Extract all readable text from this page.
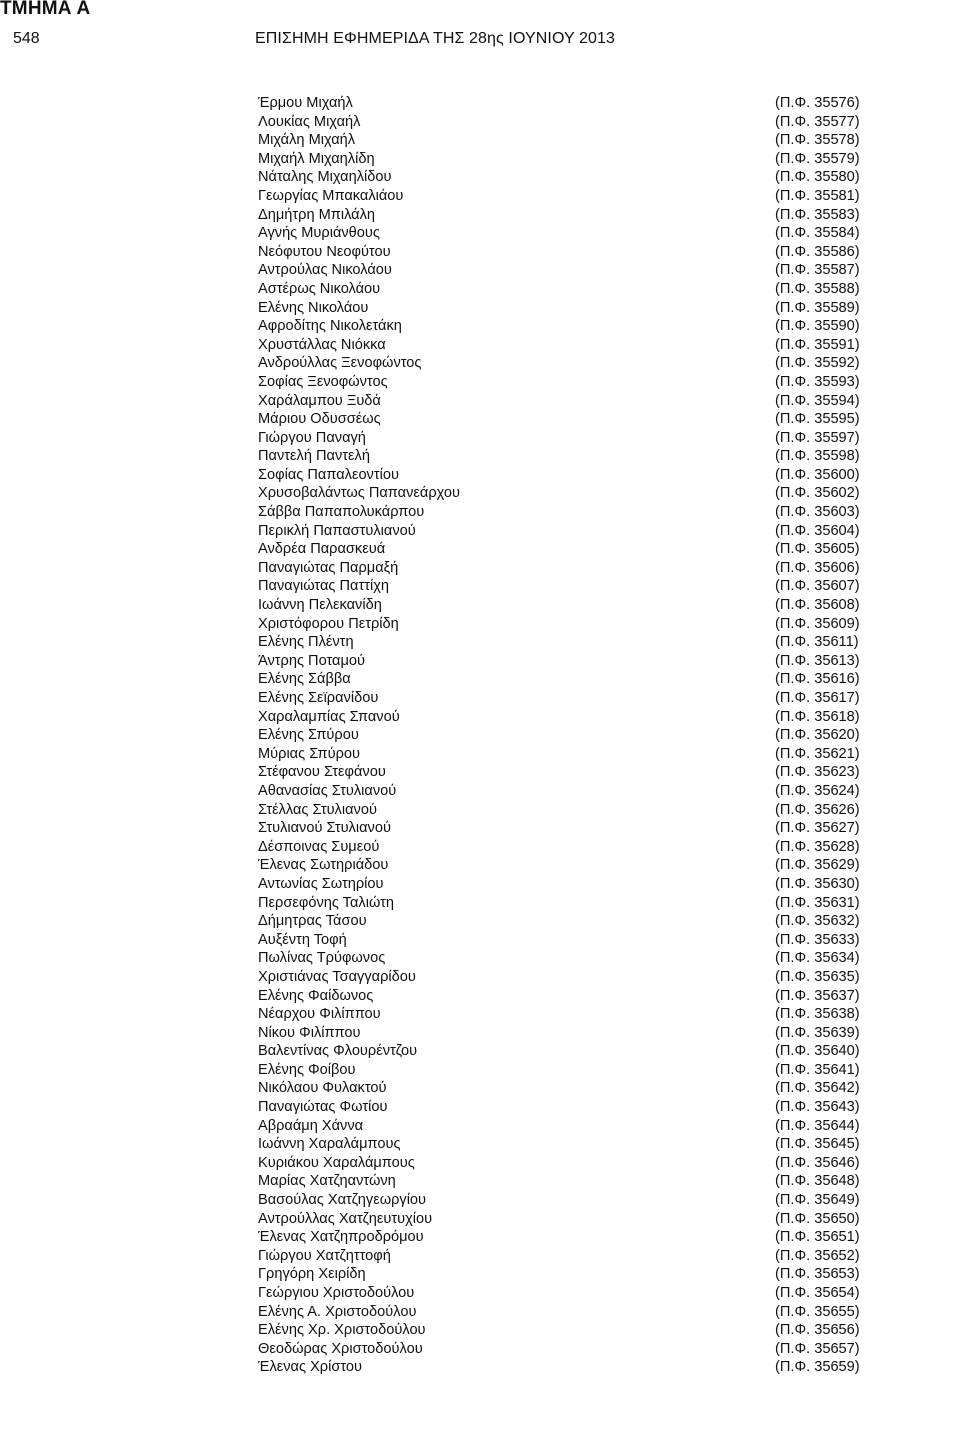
ΤΜΗΜΑ Α
548	ΕΠΙΣΗΜΗ ΕΦΗΜΕΡΙΔΑ ΤΗΣ 28ης ΙΟΥΝΙΟΥ 2013
Έρμου Μιχαήλ	(Π.Φ. 35576)
Λουκίας Μιχαήλ	(Π.Φ. 35577)
Μιχάλη Μιχαήλ	(Π.Φ. 35578)
Μιχαήλ Μιχαηλίδη	(Π.Φ. 35579)
Νάταλης Μιχαηλίδου	(Π.Φ. 35580)
Γεωργίας Μπακαλιάου	(Π.Φ. 35581)
Δημήτρη Μπιλάλη	(Π.Φ. 35583)
Αγνής Μυριάνθους	(Π.Φ. 35584)
Νεόφυτου Νεοφύτου	(Π.Φ. 35586)
Αντρούλας Νικολάου	(Π.Φ. 35587)
Αστέρως Νικολάου	(Π.Φ. 35588)
Ελένης Νικολάου	(Π.Φ. 35589)
Αφροδίτης Νικολετάκη	(Π.Φ. 35590)
Χρυστάλλας Νιόκκα	(Π.Φ. 35591)
Ανδρούλλας Ξενοφώντος	(Π.Φ. 35592)
Σοφίας Ξενοφώντος	(Π.Φ. 35593)
Χαράλαμπου Ξυδά	(Π.Φ. 35594)
Μάριου Οδυσσέως	(Π.Φ. 35595)
Γιώργου Παναγή	(Π.Φ. 35597)
Παντελή Παντελή	(Π.Φ. 35598)
Σοφίας Παπαλεοντίου	(Π.Φ. 35600)
Χρυσοβαλάντως Παπανεάρχου	(Π.Φ. 35602)
Σάββα Παπαπολυκάρπου	(Π.Φ. 35603)
Περικλή Παπαστυλιανού	(Π.Φ. 35604)
Ανδρέα Παρασκευά	(Π.Φ. 35605)
Παναγιώτας Παρμαξή	(Π.Φ. 35606)
Παναγιώτας Παττίχη	(Π.Φ. 35607)
Ιωάννη Πελεκανίδη	(Π.Φ. 35608)
Χριστόφορου Πετρίδη	(Π.Φ. 35609)
Ελένης Πλέντη	(Π.Φ. 35611)
Άντρης Ποταμού	(Π.Φ. 35613)
Ελένης Σάββα	(Π.Φ. 35616)
Ελένης Σεϊρανίδου	(Π.Φ. 35617)
Χαραλαμπίας Σπανού	(Π.Φ. 35618)
Ελένης Σπύρου	(Π.Φ. 35620)
Μύριας Σπύρου	(Π.Φ. 35621)
Στέφανου Στεφάνου	(Π.Φ. 35623)
Αθανασίας Στυλιανού	(Π.Φ. 35624)
Στέλλας Στυλιανού	(Π.Φ. 35626)
Στυλιανού Στυλιανού	(Π.Φ. 35627)
Δέσποινας Συμεού	(Π.Φ. 35628)
Έλενας Σωτηριάδου	(Π.Φ. 35629)
Αντωνίας Σωτηρίου	(Π.Φ. 35630)
Περσεφόνης Ταλιώτη	(Π.Φ. 35631)
Δήμητρας Τάσου	(Π.Φ. 35632)
Αυξέντη Τοφή	(Π.Φ. 35633)
Πωλίνας Τρύφωνος	(Π.Φ. 35634)
Χριστιάνας Τσαγγαρίδου	(Π.Φ. 35635)
Ελένης Φαίδωνος	(Π.Φ. 35637)
Νέαρχου Φιλίππου	(Π.Φ. 35638)
Νίκου Φιλίππου	(Π.Φ. 35639)
Βαλεντίνας Φλουρέντζου	(Π.Φ. 35640)
Ελένης Φοίβου	(Π.Φ. 35641)
Νικόλαου Φυλακτού	(Π.Φ. 35642)
Παναγιώτας Φωτίου	(Π.Φ. 35643)
Αβραάμη Χάννα	(Π.Φ. 35644)
Ιωάννη Χαραλάμπους	(Π.Φ. 35645)
Κυριάκου Χαραλάμπους	(Π.Φ. 35646)
Μαρίας Χατζηαντώνη	(Π.Φ. 35648)
Βασούλας Χατζηγεωργίου	(Π.Φ. 35649)
Αντρούλλας Χατζηευτυχίου	(Π.Φ. 35650)
Έλενας Χατζηπροδρόμου	(Π.Φ. 35651)
Γιώργου Χατζηττοφή	(Π.Φ. 35652)
Γρηγόρη Χειρίδη	(Π.Φ. 35653)
Γεώργιου Χριστοδούλου	(Π.Φ. 35654)
Ελένης Α. Χριστοδούλου	(Π.Φ. 35655)
Ελένης Χρ. Χριστοδούλου	(Π.Φ. 35656)
Θεοδώρας Χριστοδούλου	(Π.Φ. 35657)
Έλενας Χρίστου	(Π.Φ. 35659)
